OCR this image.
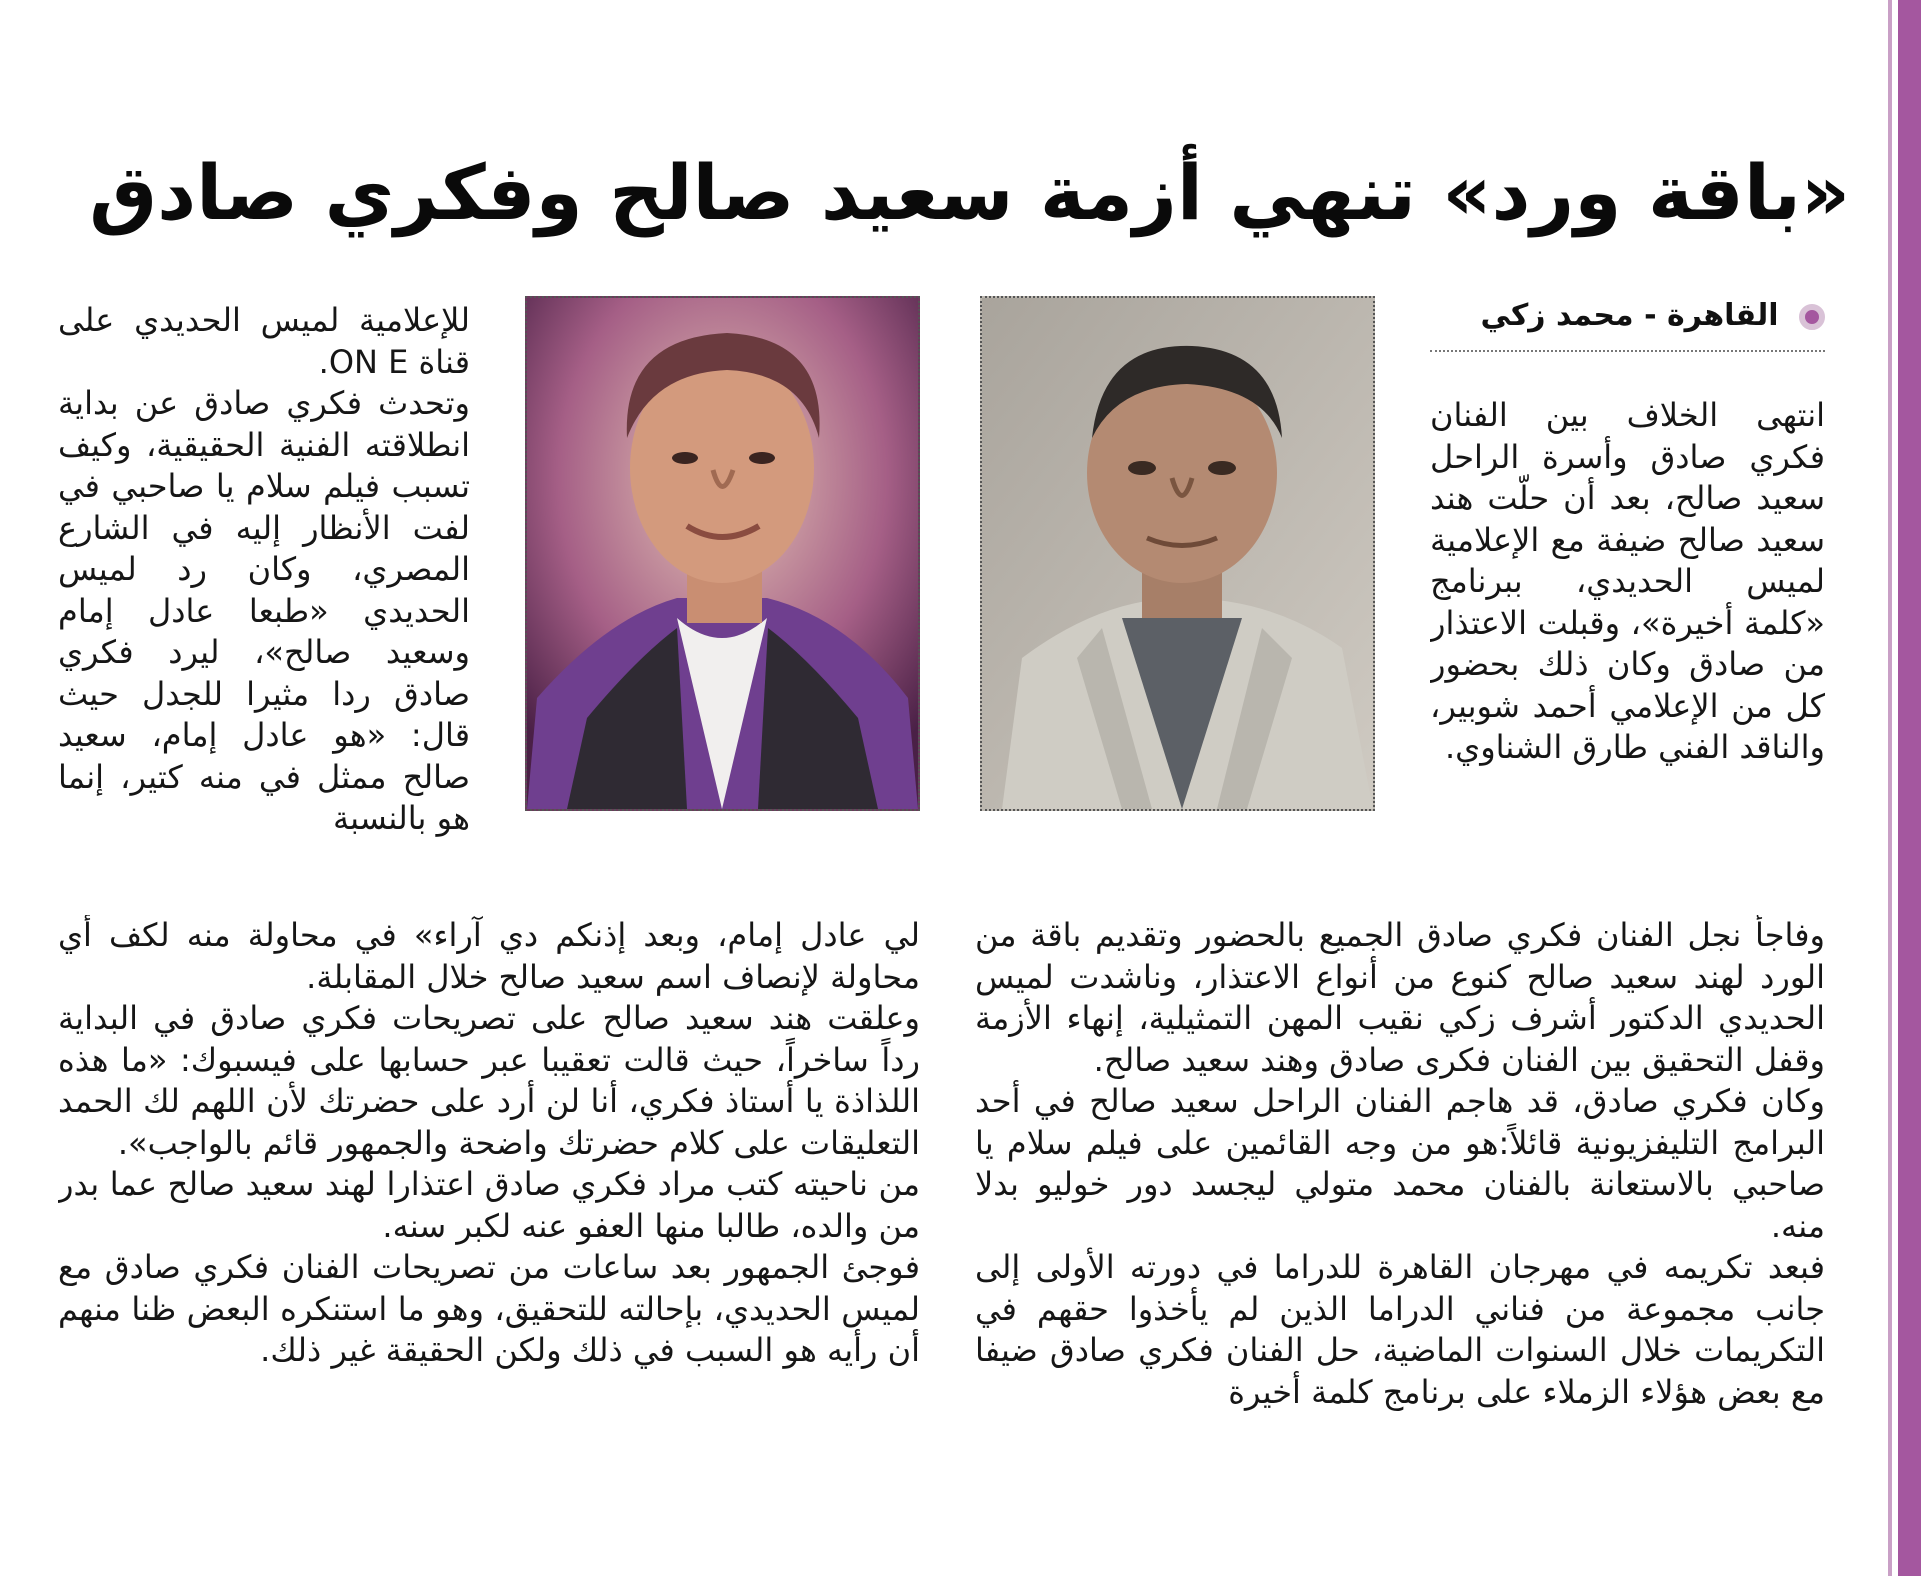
«باقة ورد» تنهي أزمة سعيد صالح وفكري صادق
القاهرة - محمد زكي

انتهى الخلاف بين الفنان فكري صادق وأسرة الراحل سعيد صالح، بعد أن حلّت هند سعيد صالح ضيفة مع الإعلامية لميس الحديدي، ببرنامج «كلمة أخيرة»، وقبلت الاعتذار من صادق وكان ذلك بحضور كل من الإعلامي أحمد شوبير، والناقد الفني طارق الشناوي.

للإعلامية لميس الحديدي على قناة ON E.
وتحدث فكري صادق عن بداية انطلاقته الفنية الحقيقية، وكيف تسبب فيلم سلام يا صاحبي في لفت الأنظار إليه في الشارع المصري، وكان رد لميس الحديدي «طبعا عادل إمام وسعيد صالح»، ليرد فكري صادق ردا مثيرا للجدل حيث قال: «هو عادل إمام، سعيد صالح ممثل في منه كتير، إنما هو بالنسبة

وفاجأ نجل الفنان فكري صادق الجميع بالحضور وتقديم باقة من الورد لهند سعيد صالح كنوع من أنواع الاعتذار، وناشدت لميس الحديدي الدكتور أشرف زكي نقيب المهن التمثيلية، إنهاء الأزمة وقفل التحقيق بين الفنان فكرى صادق وهند سعيد صالح.
وكان فكري صادق، قد هاجم الفنان الراحل سعيد صالح في أحد البرامج التليفزيونية قائلاً:هو من وجه القائمين على فيلم سلام يا صاحبي بالاستعانة بالفنان محمد متولي ليجسد دور خوليو بدلا منه.
فبعد تكريمه في مهرجان القاهرة للدراما في دورته الأولى إلى جانب مجموعة من فناني الدراما الذين لم يأخذوا حقهم في التكريمات خلال السنوات الماضية، حل الفنان فكري صادق ضيفا مع بعض هؤلاء الزملاء على برنامج كلمة أخيرة

لي عادل إمام، وبعد إذنكم دي آراء» في محاولة منه لكف أي محاولة لإنصاف اسم سعيد صالح خلال المقابلة.
وعلقت هند سعيد صالح على تصريحات فكري صادق في البداية رداً ساخراً، حيث قالت تعقيبا عبر حسابها على فيسبوك: «ما هذه اللذاذة يا أستاذ فكري، أنا لن أرد على حضرتك لأن اللهم لك الحمد التعليقات على كلام حضرتك واضحة والجمهور قائم بالواجب».
من ناحيته كتب مراد فكري صادق اعتذارا لهند سعيد صالح عما بدر من والده، طالبا منها العفو عنه لكبر سنه.
فوجئ الجمهور بعد ساعات من تصريحات الفنان فكري صادق مع لميس الحديدي، بإحالته للتحقيق، وهو ما استنكره البعض ظنا منهم أن رأيه هو السبب في ذلك ولكن الحقيقة غير ذلك.
